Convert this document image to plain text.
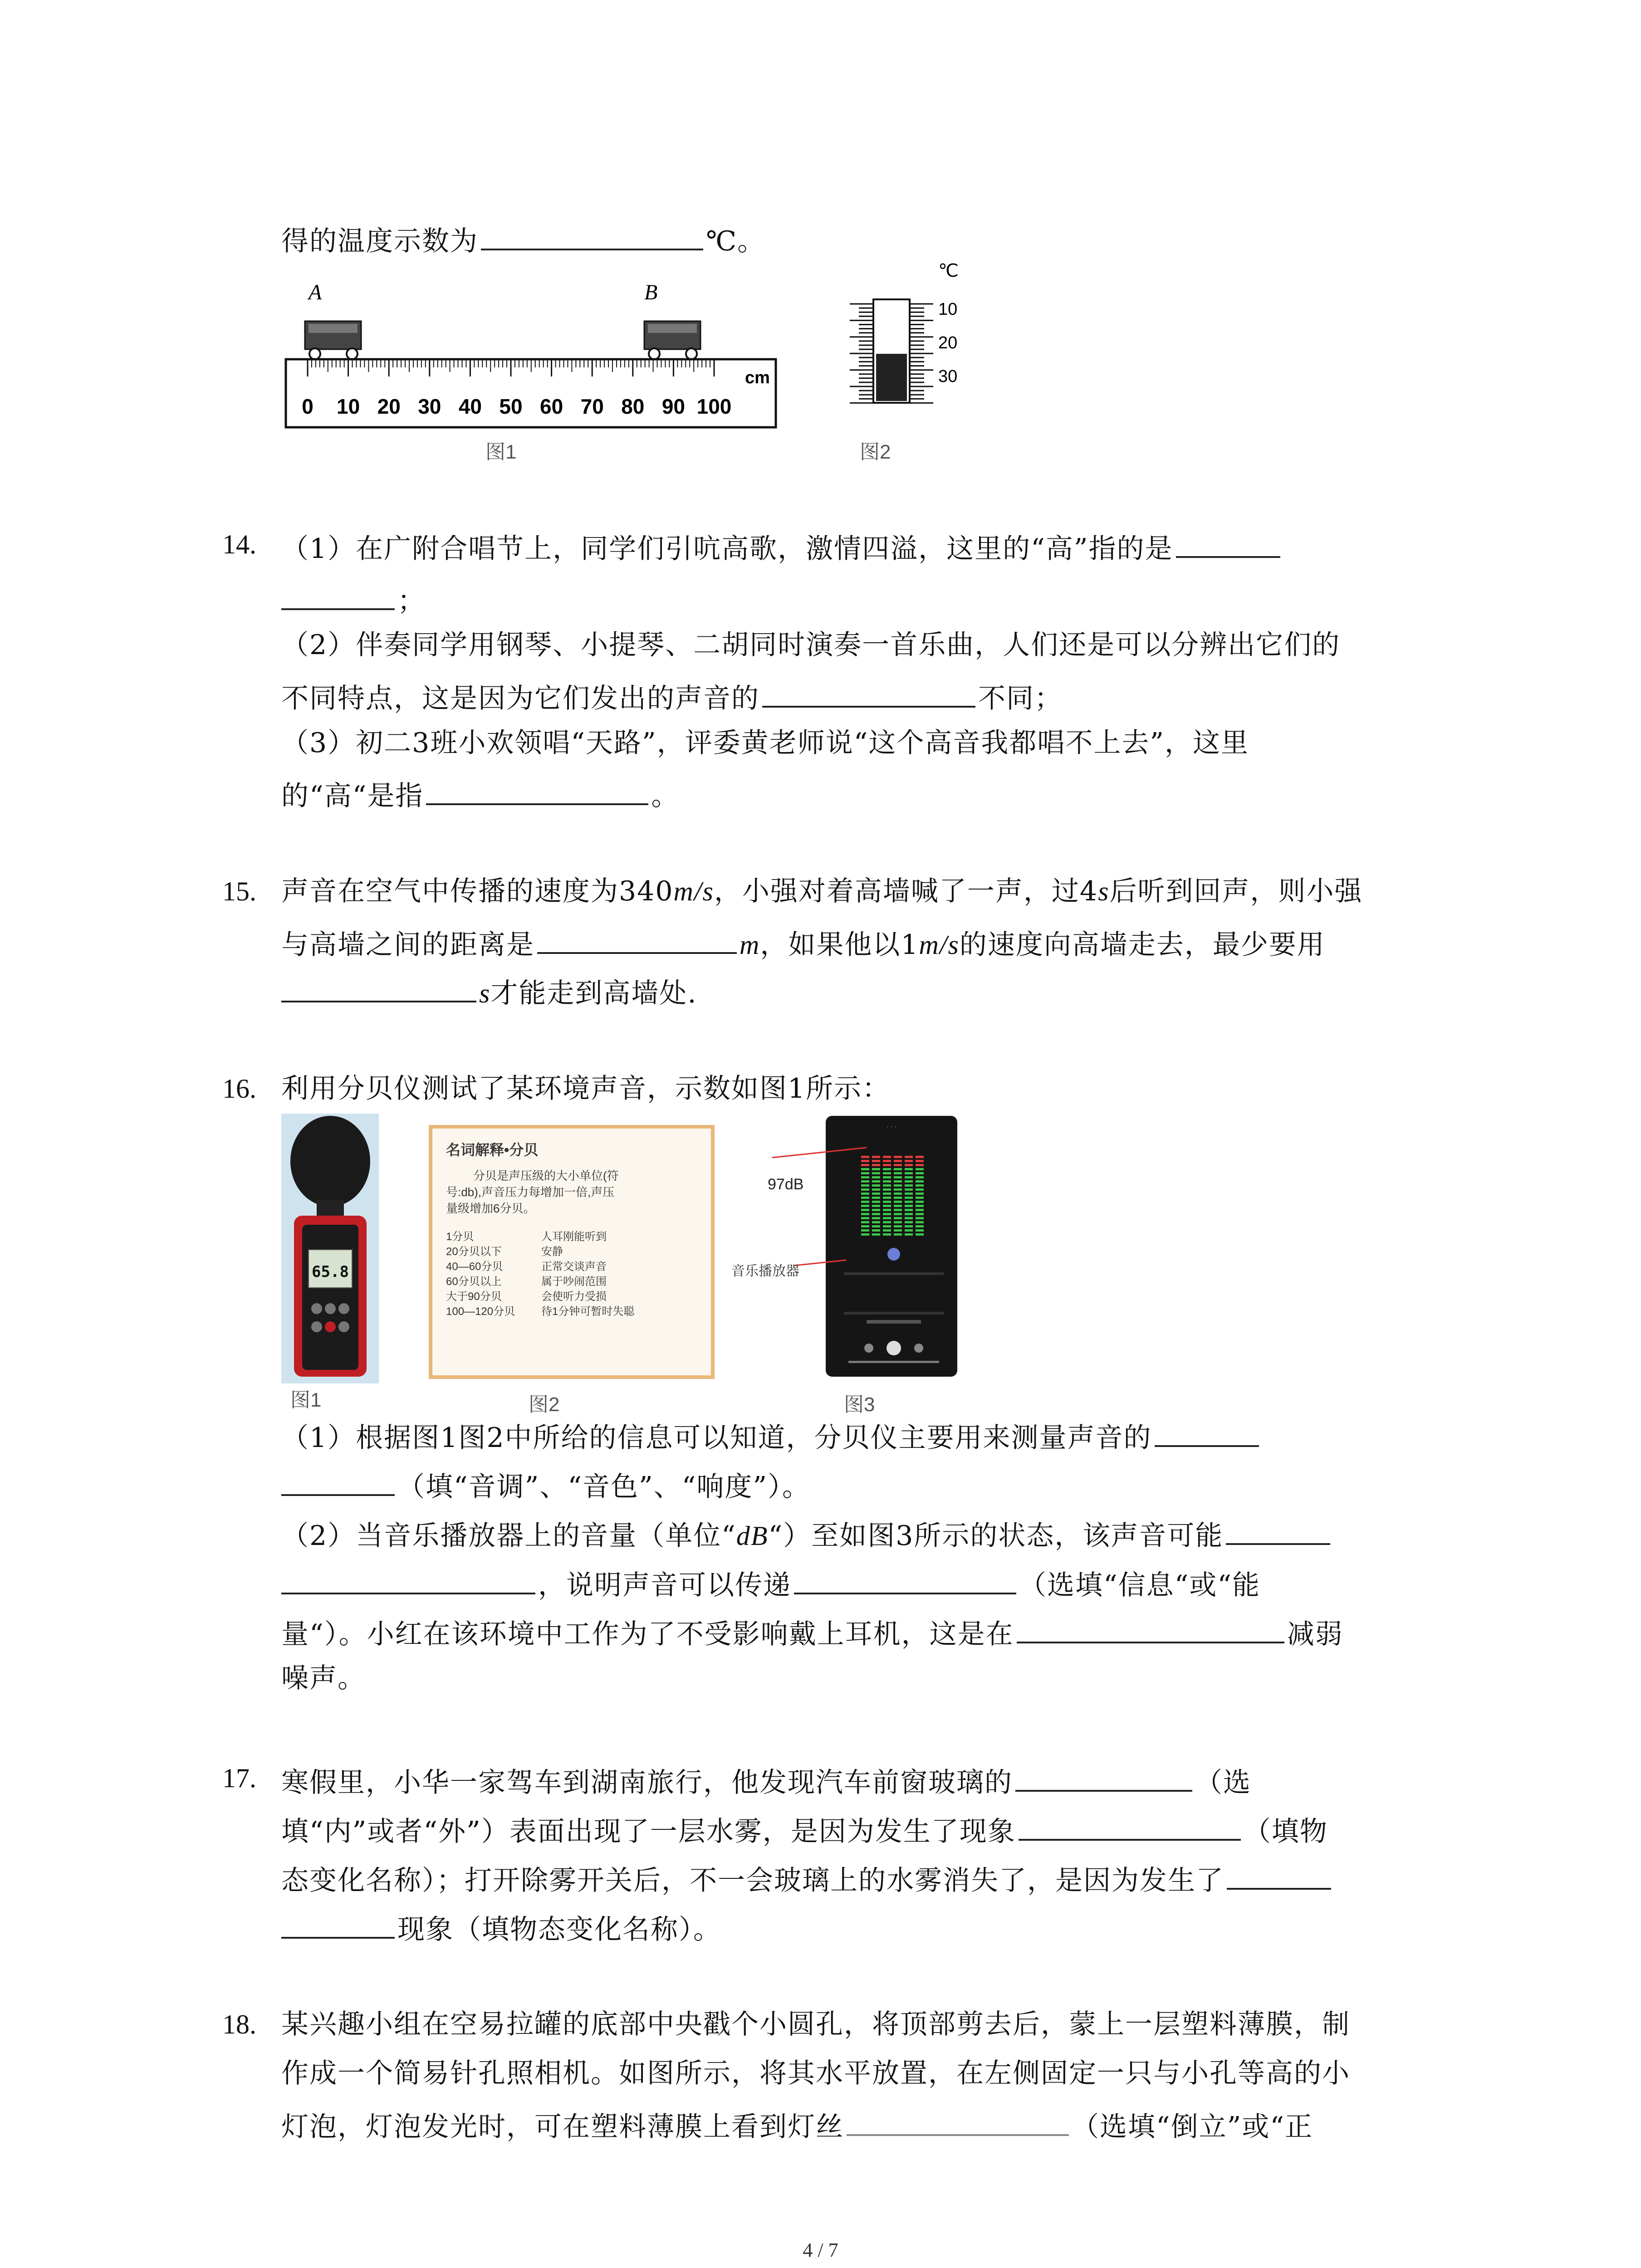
得的温度示数为	℃。
A	B
0 10 20 30 40 50 60 70 80 90 100
cm
图1
℃
10
20
30
图2
14. （1）在广附合唱节上，同学们引吭高歌，激情四溢，这里的“高”指的是
；
（2）伴奏同学用钢琴、小提琴、二胡同时演奏一首乐曲，人们还是可以分辨出它们的
不同特点，这是因为它们发出的声音的	不同；
（3）初二3班小欢领唱“天路”，评委黄老师说“这个高音我都唱不上去”，这里
的“高“是指	。
15. 声音在空气中传播的速度为340m/s，小强对着高墙喊了一声，过4s后听到回声，则小强
与高墙之间的距离是	m，如果他以1m/s的速度向高墙走去，最少要用
s才能走到高墙处.
16. 利用分贝仪测试了某环境声音，示数如图1所示：
65.8
名词解释•分贝
分贝是声压级的大小单位(符
号:db),声音压力每增加一倍,声压
量级增加6分贝。
1分贝	人耳刚能听到
20分贝以下	安静
40—60分贝	正常交谈声音
60分贝以上	属于吵闹范围
大于90分贝	会使听力受损
100—120分贝	待1分钟可暂时失聪
· · ·
97dB
音乐播放器
图1	图2	图3
（1）根据图1图2中所给的信息可以知道，分贝仪主要用来测量声音的
（填“音调”、“音色”、“响度”）。
（2）当音乐播放器上的音量（单位“dB“）至如图3所示的状态，该声音可能
，说明声音可以传递	（选填“信息“或“能
量“）。小红在该环境中工作为了不受影响戴上耳机，这是在	减弱
噪声。
17. 寒假里，小华一家驾车到湖南旅行，他发现汽车前窗玻璃的	（选
填“内”或者“外”）表面出现了一层水雾，是因为发生了现象	（填物
态变化名称）；打开除雾开关后，不一会玻璃上的水雾消失了，是因为发生了
现象（填物态变化名称）。
18. 某兴趣小组在空易拉罐的底部中央戳个小圆孔，将顶部剪去后，蒙上一层塑料薄膜，制
作成一个简易针孔照相机。如图所示，将其水平放置，在左侧固定一只与小孔等高的小
灯泡，灯泡发光时，可在塑料薄膜上看到灯丝	（选填“倒立”或“正
4 / 7
